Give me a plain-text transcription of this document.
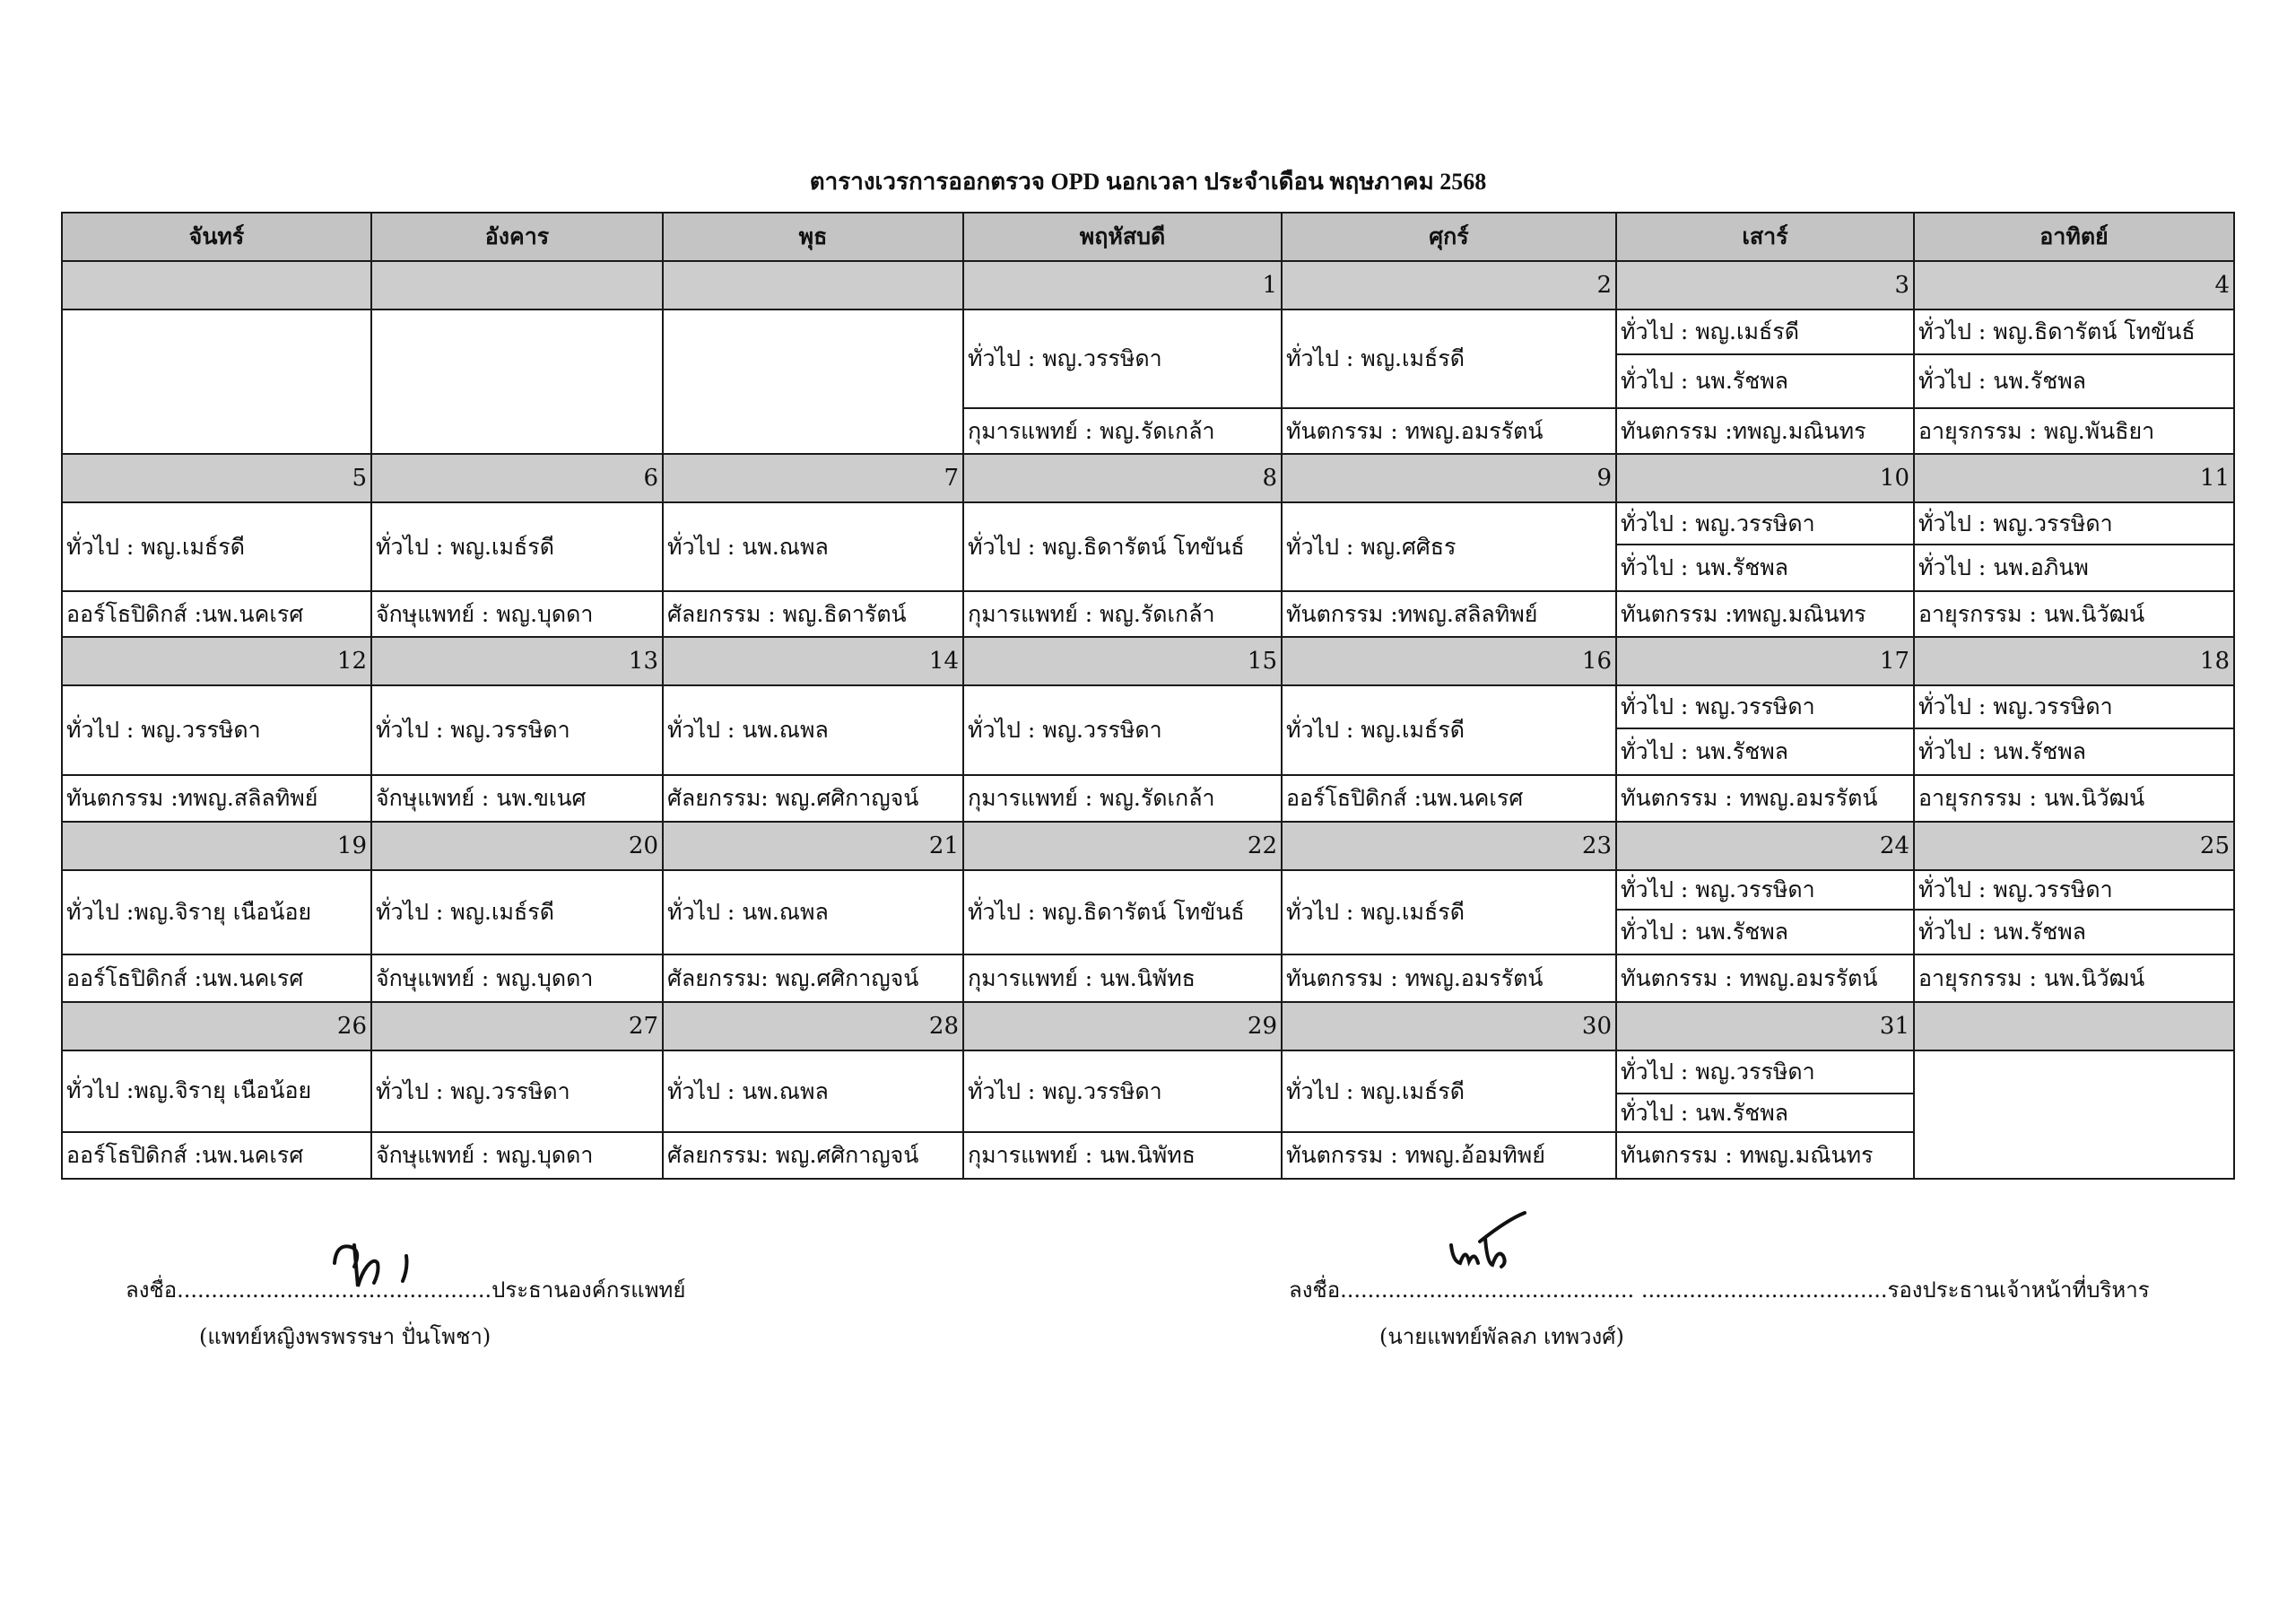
ตารางเวรการออกตรวจ OPD นอกเวลา ประจำเดือน พฤษภาคม 2568
จันทร์	อังคาร	พุธ	พฤหัสบดี	ศุกร์	เสาร์	อาทิตย์
			1	2	3	4
			ทั่วไป : พญ.วรรษิดา	ทั่วไป : พญ.เมธ์รดี	ทั่วไป : พญ.เมธ์รดี	ทั่วไป : พญ.ธิดารัตน์ โทขันธ์
					ทั่วไป : นพ.รัชพล	ทั่วไป : นพ.รัชพล
			กุมารแพทย์ : พญ.รัดเกล้า	ทันตกรรม : ทพญ.อมรรัตน์	ทันตกรรม :ทพญ.มณินทร	อายุรกรรม : พญ.พันธิยา
5	6	7	8	9	10	11
ทั่วไป : พญ.เมธ์รดี	ทั่วไป : พญ.เมธ์รดี	ทั่วไป : นพ.ณพล	ทั่วไป : พญ.ธิดารัตน์ โทขันธ์	ทั่วไป : พญ.ศศิธร	ทั่วไป : พญ.วรรษิดา	ทั่วไป : พญ.วรรษิดา
					ทั่วไป : นพ.รัชพล	ทั่วไป : นพ.อภินพ
ออร์โธปิดิกส์ :นพ.นคเรศ	จักษุแพทย์ : พญ.บุดดา	ศัลยกรรม : พญ.ธิดารัตน์	กุมารแพทย์ : พญ.รัดเกล้า	ทันตกรรม :ทพญ.สลิลทิพย์	ทันตกรรม :ทพญ.มณินทร	อายุรกรรม : นพ.นิวัฒน์
12	13	14	15	16	17	18
ทั่วไป : พญ.วรรษิดา	ทั่วไป : พญ.วรรษิดา	ทั่วไป : นพ.ณพล	ทั่วไป : พญ.วรรษิดา	ทั่วไป : พญ.เมธ์รดี	ทั่วไป : พญ.วรรษิดา	ทั่วไป : พญ.วรรษิดา
					ทั่วไป : นพ.รัชพล	ทั่วไป : นพ.รัชพล
ทันตกรรม :ทพญ.สลิลทิพย์	จักษุแพทย์ : นพ.ขเนศ	ศัลยกรรม: พญ.ศศิกาญจน์	กุมารแพทย์ : พญ.รัดเกล้า	ออร์โธปิดิกส์ :นพ.นคเรศ	ทันตกรรม : ทพญ.อมรรัตน์	อายุรกรรม : นพ.นิวัฒน์
19	20	21	22	23	24	25
ทั่วไป :พญ.จิรายุ เนือน้อย	ทั่วไป : พญ.เมธ์รดี	ทั่วไป : นพ.ณพล	ทั่วไป : พญ.ธิดารัตน์ โทขันธ์	ทั่วไป : พญ.เมธ์รดี	ทั่วไป : พญ.วรรษิดา	ทั่วไป : พญ.วรรษิดา
					ทั่วไป : นพ.รัชพล	ทั่วไป : นพ.รัชพล
ออร์โธปิดิกส์ :นพ.นคเรศ	จักษุแพทย์ : พญ.บุดดา	ศัลยกรรม: พญ.ศศิกาญจน์	กุมารแพทย์ : นพ.นิพัทธ	ทันตกรรม : ทพญ.อมรรัตน์	ทันตกรรม : ทพญ.อมรรัตน์	อายุรกรรม : นพ.นิวัฒน์
26	27	28	29	30	31	
ทั่วไป :พญ.จิรายุ เนือน้อย	ทั่วไป : พญ.วรรษิดา	ทั่วไป : นพ.ณพล	ทั่วไป : พญ.วรรษิดา	ทั่วไป : พญ.เมธ์รดี	ทั่วไป : พญ.วรรษิดา	
					ทั่วไป : นพ.รัชพล	
ออร์โธปิดิกส์ :นพ.นคเรศ	จักษุแพทย์ : พญ.บุดดา	ศัลยกรรม: พญ.ศศิกาญจน์	กุมารแพทย์ : นพ.นิพัทธ	ทันตกรรม : ทพญ.อ้อมทิพย์	ทันตกรรม : ทพญ.มณินทร	
ลงชื่อ..............................................ประธานองค์กรแพทย์
(แพทย์หญิงพรพรรษา ปั่นโพชา)
ลงชื่อ........................................... ....................................รองประธานเจ้าหน้าที่บริหาร
(นายแพทย์พัลลภ เทพวงศ์)
